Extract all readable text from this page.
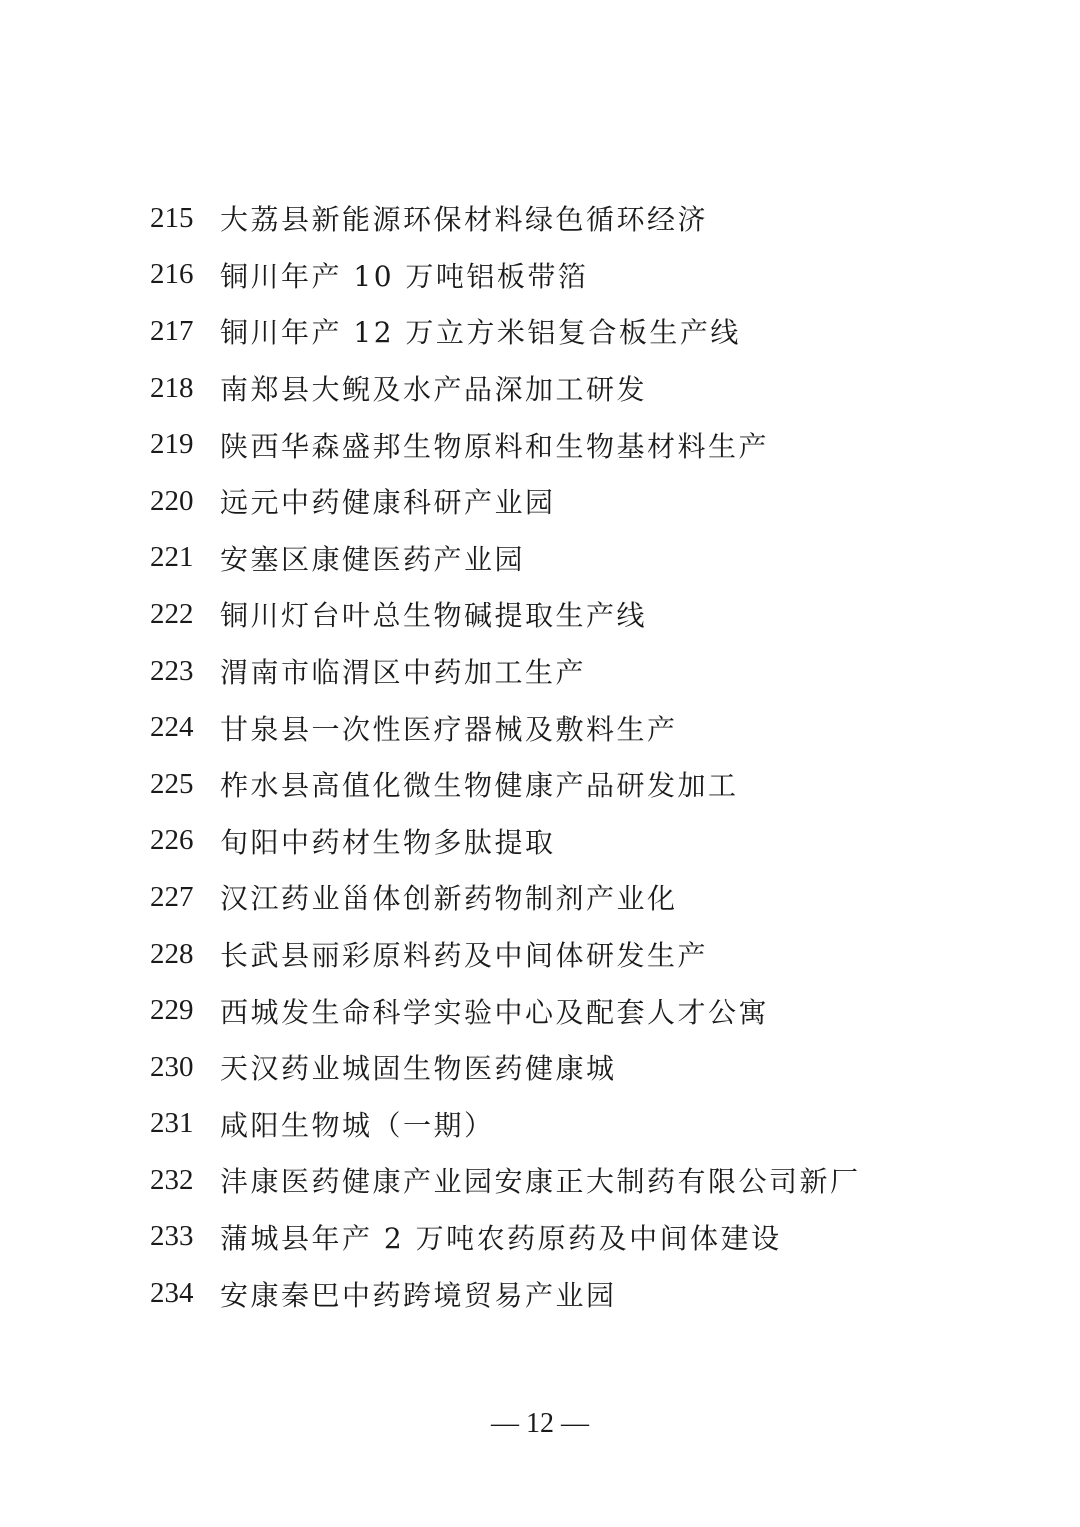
215 大荔县新能源环保材料绿色循环经济
216 铜川年产 10 万吨铝板带箔
217 铜川年产 12 万立方米铝复合板生产线
218 南郑县大鲵及水产品深加工研发
219 陕西华森盛邦生物原料和生物基材料生产
220 远元中药健康科研产业园
221 安塞区康健医药产业园
222 铜川灯台叶总生物碱提取生产线
223 渭南市临渭区中药加工生产
224 甘泉县一次性医疗器械及敷料生产
225 柞水县高值化微生物健康产品研发加工
226 旬阳中药材生物多肽提取
227 汉江药业甾体创新药物制剂产业化
228 长武县丽彩原料药及中间体研发生产
229 西城发生命科学实验中心及配套人才公寓
230 天汉药业城固生物医药健康城
231 咸阳生物城（一期）
232 沣康医药健康产业园安康正大制药有限公司新厂
233 蒲城县年产 2 万吨农药原药及中间体建设
234 安康秦巴中药跨境贸易产业园
— 12 —
